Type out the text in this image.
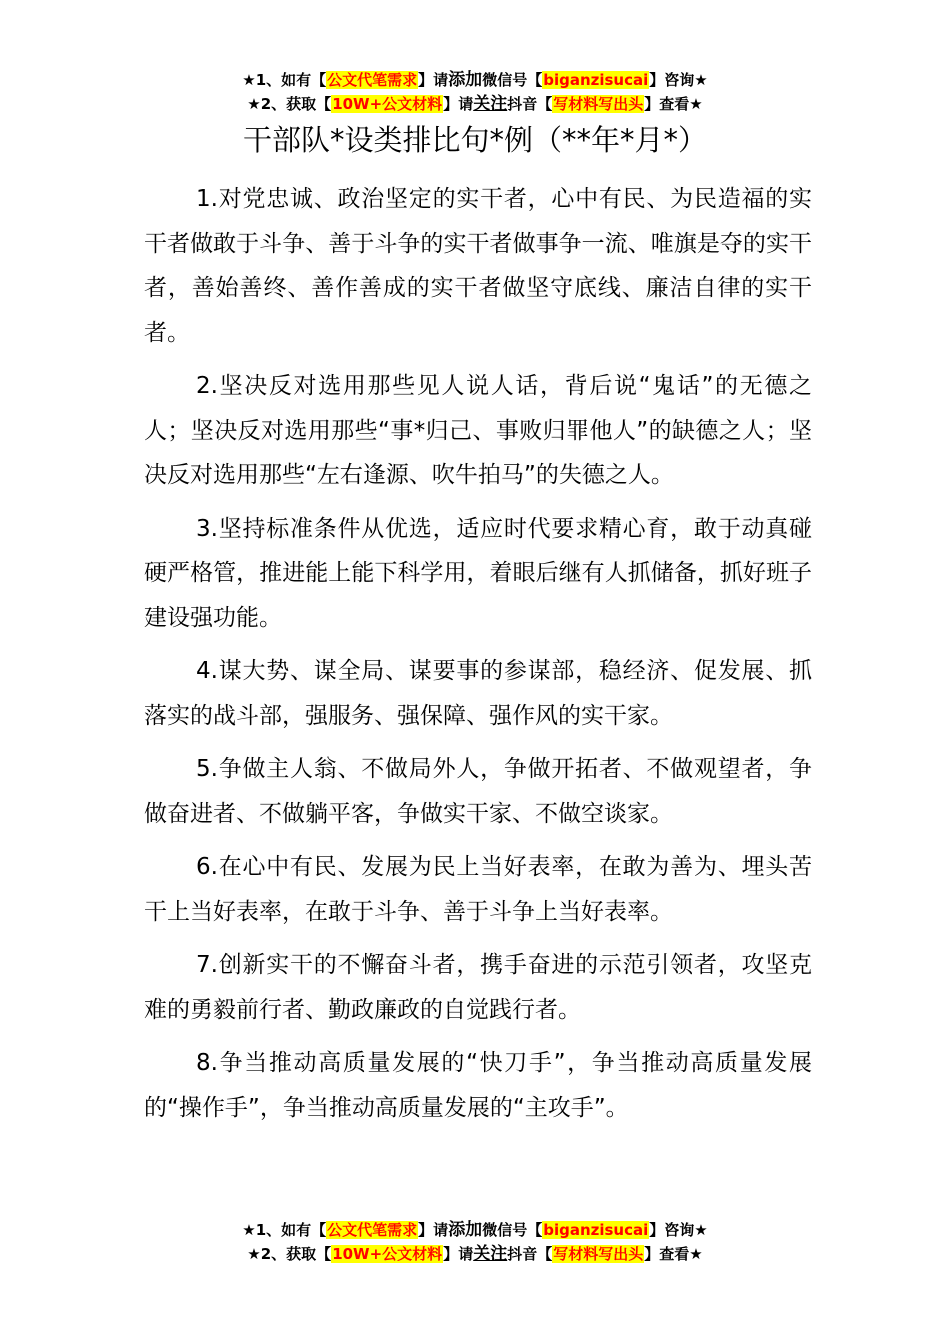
★1、如有【公文代笔需求】请添加微信号【biganzisucai】咨询★
★2、获取【10W+公文材料】请关注抖音【写材料写出头】查看★
干部队*设类排比句*例（**年*月*）

1.对党忠诚、政治坚定的实干者，心中有民、为民造福的实干者做敢于斗争、善于斗争的实干者做事争一流、唯旗是夺的实干者，善始善终、善作善成的实干者做坚守底线、廉洁自律的实干者。

2.坚决反对选用那些见人说人话，背后说“鬼话”的无德之人；坚决反对选用那些“事*归己、事败归罪他人”的缺德之人；坚决反对选用那些“左右逢源、吹牛拍马”的失德之人。

3.坚持标准条件从优选，适应时代要求精心育，敢于动真碰硬严格管，推进能上能下科学用，着眼后继有人抓储备，抓好班子建设强功能。

4.谋大势、谋全局、谋要事的参谋部，稳经济、促发展、抓落实的战斗部，强服务、强保障、强作风的实干家。

5.争做主人翁、不做局外人，争做开拓者、不做观望者，争做奋进者、不做躺平客，争做实干家、不做空谈家。

6.在心中有民、发展为民上当好表率，在敢为善为、埋头苦干上当好表率，在敢于斗争、善于斗争上当好表率。

7.创新实干的不懈奋斗者，携手奋进的示范引领者，攻坚克难的勇毅前行者、勤政廉政的自觉践行者。

8.争当推动高质量发展的“快刀手”，争当推动高质量发展的“操作手”，争当推动高质量发展的“主攻手”。

★1、如有【公文代笔需求】请添加微信号【biganzisucai】咨询★
★2、获取【10W+公文材料】请关注抖音【写材料写出头】查看★
